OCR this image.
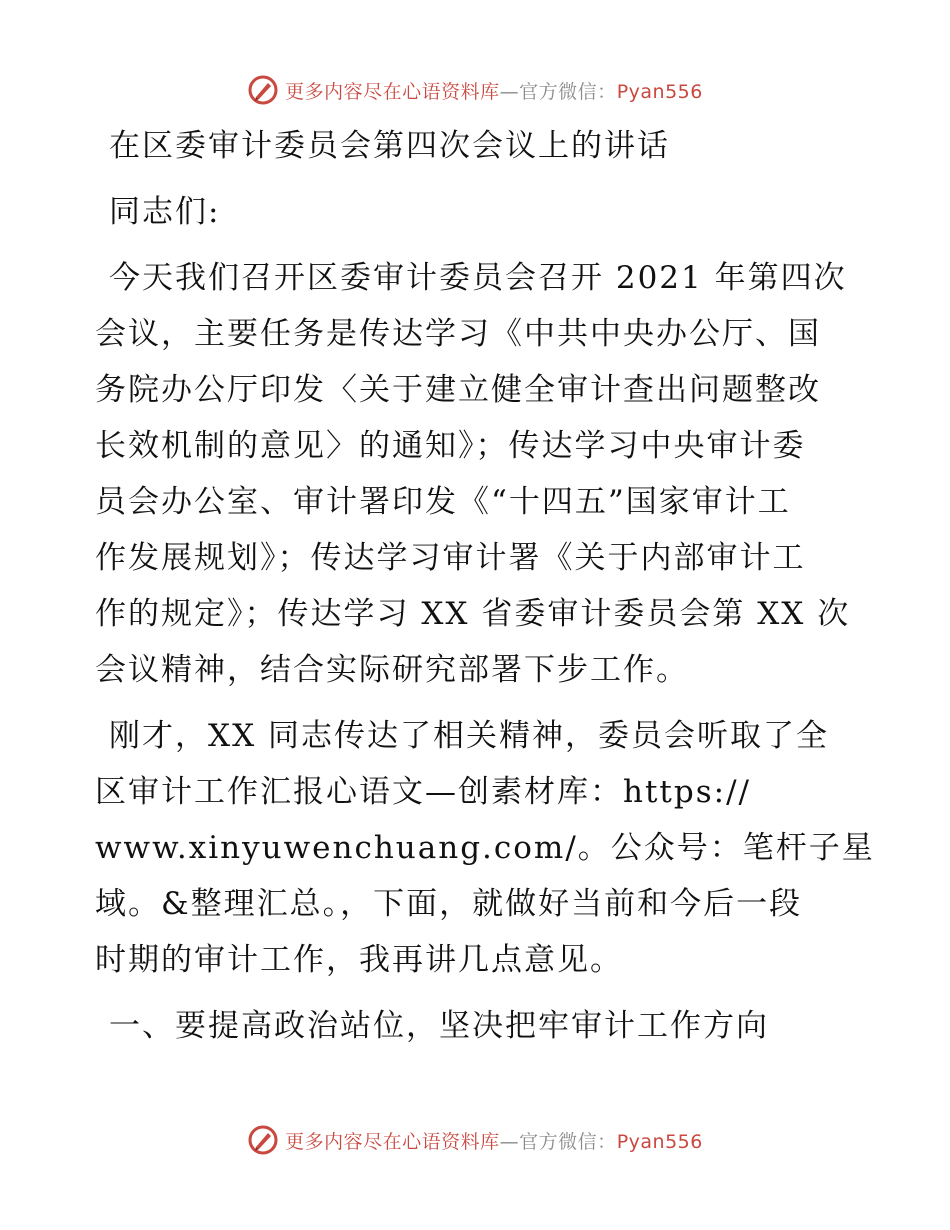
更多内容尽在心语资料库—官方微信：Pyan556
在区委审计委员会第四次会议上的讲话
同志们:
今天我们召开区委审计委员会召开 2021 年第四次
会议，主要任务是传达学习《中共中央办公厅、国
务院办公厅印发〈关于建立健全审计查出问题整改
长效机制的意见〉的通知》；传达学习中央审计委
员会办公室、审计署印发《“十四五”国家审计工
作发展规划》；传达学习审计署《关于内部审计工
作的规定》；传达学习 XX 省委审计委员会第 XX 次
会议精神，结合实际研究部署下步工作。
刚才，XX 同志传达了相关精神，委员会听取了全
区审计工作汇报心语文—创素材库：https://
www.xinyuwenchuang.com/。公众号：笔杆子星
域。&整理汇总。，下面，就做好当前和今后一段
时期的审计工作，我再讲几点意见。
一、要提高政治站位，坚决把牢审计工作方向
更多内容尽在心语资料库—官方微信：Pyan556
